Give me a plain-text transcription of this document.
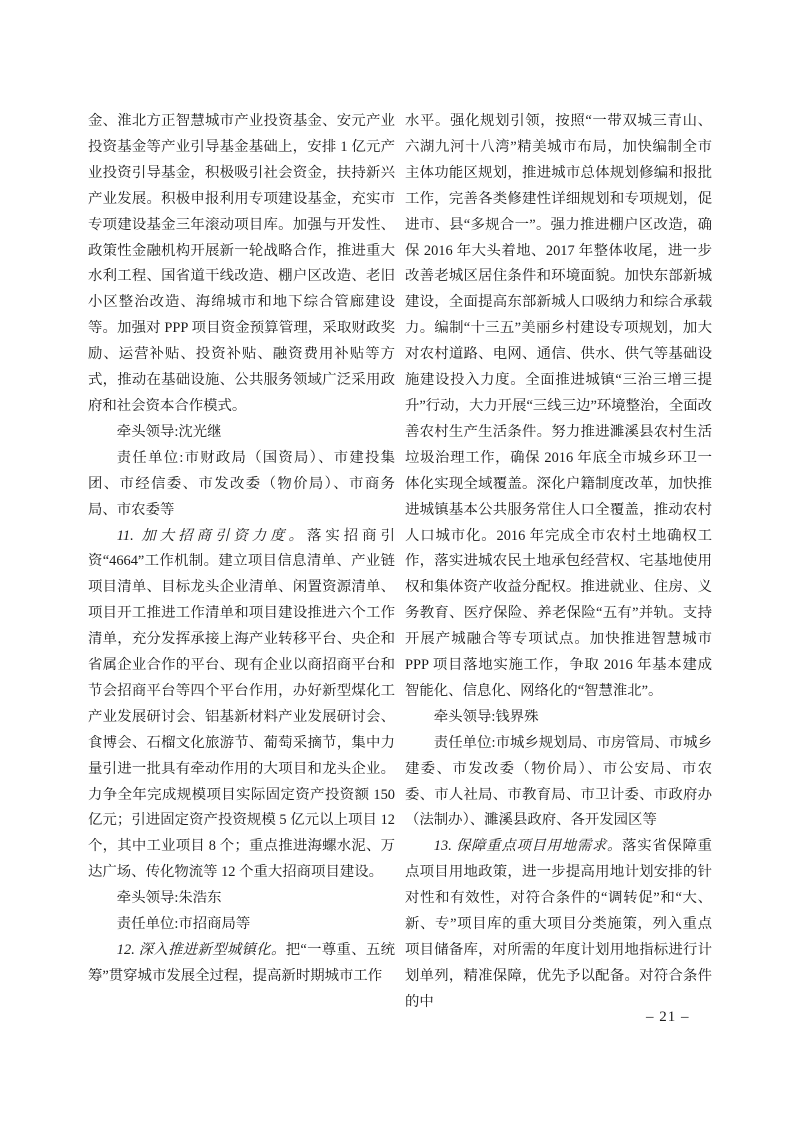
金、淮北方正智慧城市产业投资基金、安元产业投资基金等产业引导基金基础上，安排 1 亿元产业投资引导基金，积极吸引社会资金，扶持新兴产业发展。积极申报利用专项建设基金，充实市专项建设基金三年滚动项目库。加强与开发性、政策性金融机构开展新一轮战略合作，推进重大水利工程、国省道干线改造、棚户区改造、老旧小区整治改造、海绵城市和地下综合管廊建设等。加强对 PPP 项目资金预算管理，采取财政奖励、运营补贴、投资补贴、融资费用补贴等方式，推动在基础设施、公共服务领域广泛采用政府和社会资本合作模式。

牵头领导:沈光继

责任单位:市财政局（国资局）、市建投集团、市经信委、市发改委（物价局）、市商务局、市农委等

11. 加大招商引资力度。落实招商引资“4664”工作机制。建立项目信息清单、产业链项目清单、目标龙头企业清单、闲置资源清单、项目开工推进工作清单和项目建设推进六个工作清单，充分发挥承接上海产业转移平台、央企和省属企业合作的平台、现有企业以商招商平台和节会招商平台等四个平台作用，办好新型煤化工产业发展研讨会、铝基新材料产业发展研讨会、食博会、石榴文化旅游节、葡萄采摘节，集中力量引进一批具有牵动作用的大项目和龙头企业。力争全年完成规模项目实际固定资产投资额 150 亿元；引进固定资产投资规模 5 亿元以上项目 12 个，其中工业项目 8 个；重点推进海螺水泥、万达广场、传化物流等 12 个重大招商项目建设。

牵头领导:朱浩东

责任单位:市招商局等

12. 深入推进新型城镇化。把“一尊重、五统筹”贯穿城市发展全过程，提高新时期城市工作

水平。强化规划引领，按照“一带双城三青山、六湖九河十八湾”精美城市布局，加快编制全市主体功能区规划，推进城市总体规划修编和报批工作，完善各类修建性详细规划和专项规划，促进市、县“多规合一”。强力推进棚户区改造，确保 2016 年大头着地、2017 年整体收尾，进一步改善老城区居住条件和环境面貌。加快东部新城建设，全面提高东部新城人口吸纳力和综合承载力。编制“十三五”美丽乡村建设专项规划，加大对农村道路、电网、通信、供水、供气等基础设施建设投入力度。全面推进城镇“三治三增三提升”行动，大力开展“三线三边”环境整治，全面改善农村生产生活条件。努力推进濉溪县农村生活垃圾治理工作，确保 2016 年底全市城乡环卫一体化实现全域覆盖。深化户籍制度改革，加快推进城镇基本公共服务常住人口全覆盖，推动农村人口城市化。2016 年完成全市农村土地确权工作，落实进城农民土地承包经营权、宅基地使用权和集体资产收益分配权。推进就业、住房、义务教育、医疗保险、养老保险“五有”并轨。支持开展产城融合等专项试点。加快推进智慧城市 PPP 项目落地实施工作，争取 2016 年基本建成智能化、信息化、网络化的“智慧淮北”。

牵头领导:钱界殊

责任单位:市城乡规划局、市房管局、市城乡建委、市发改委（物价局）、市公安局、市农委、市人社局、市教育局、市卫计委、市政府办（法制办）、濉溪县政府、各开发园区等

13. 保障重点项目用地需求。落实省保障重点项目用地政策，进一步提高用地计划安排的针对性和有效性，对符合条件的“调转促”和“大、新、专”项目库的重大项目分类施策，列入重点项目储备库，对所需的年度计划用地指标进行计划单列，精准保障，优先予以配备。对符合条件的中

– 21 –
